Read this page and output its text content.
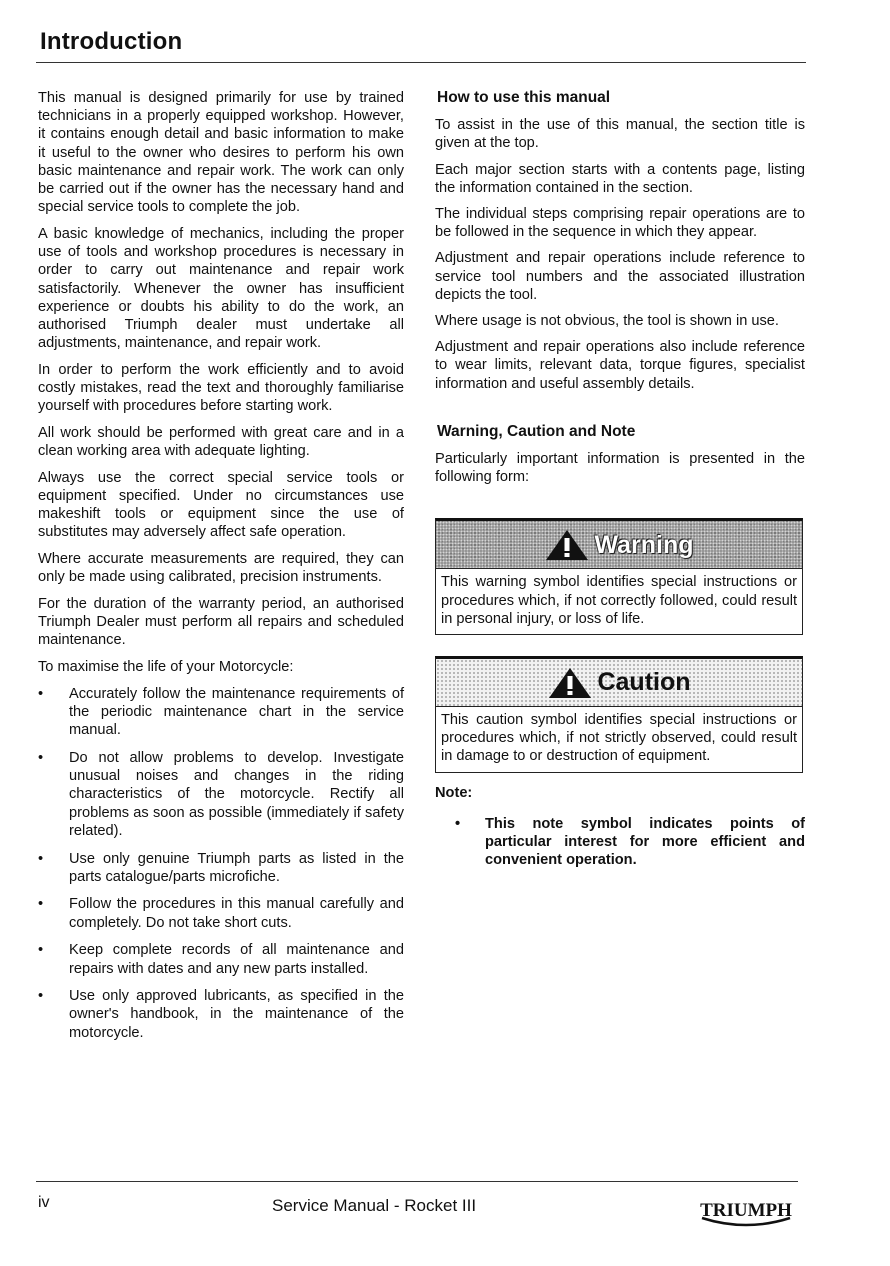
Introduction

This manual is designed primarily for use by trained technicians in a properly equipped workshop. However, it contains enough detail and basic information to make it useful to the owner who desires to perform his own basic maintenance and repair work. The work can only be carried out if the owner has the necessary hand and special service tools to complete the job.

A basic knowledge of mechanics, including the proper use of tools and workshop procedures is necessary in order to carry out maintenance and repair work satisfactorily. Whenever the owner has insufficient experience or doubts his ability to do the work, an authorised Triumph dealer must undertake all adjustments, maintenance, and repair work.

In order to perform the work efficiently and to avoid costly mistakes, read the text and thoroughly familiarise yourself with procedures before starting work.

All work should be performed with great care and in a clean working area with adequate lighting.

Always use the correct special service tools or equipment specified. Under no circumstances use makeshift tools or equipment since the use of substitutes may adversely affect safe operation.

Where accurate measurements are required, they can only be made using calibrated, precision instruments.

For the duration of the warranty period, an authorised Triumph Dealer must perform all repairs and scheduled maintenance.

To maximise the life of your Motorcycle:

• Accurately follow the maintenance requirements of the periodic maintenance chart in the service manual.
• Do not allow problems to develop. Investigate unusual noises and changes in the riding characteristics of the motorcycle. Rectify all problems as soon as possible (immediately if safety related).
• Use only genuine Triumph parts as listed in the parts catalogue/parts microfiche.
• Follow the procedures in this manual carefully and completely. Do not take short cuts.
• Keep complete records of all maintenance and repairs with dates and any new parts installed.
• Use only approved lubricants, as specified in the owner's handbook, in the maintenance of the motorcycle.
How to use this manual

To assist in the use of this manual, the section title is given at the top.

Each major section starts with a contents page, listing the information contained in the section.

The individual steps comprising repair operations are to be followed in the sequence in which they appear.

Adjustment and repair operations include reference to service tool numbers and the associated illustration depicts the tool.

Where usage is not obvious, the tool is shown in use.

Adjustment and repair operations also include reference to wear limits, relevant data, torque figures, specialist information and useful assembly details.

Warning, Caution and Note

Particularly important information is presented in the following form:

Warning
This warning symbol identifies special instructions or procedures which, if not correctly followed, could result in personal injury, or loss of life.
Caution
This caution symbol identifies special instructions or procedures which, if not strictly observed, could result in damage to or destruction of equipment.
Note:
• This note symbol indicates points of particular interest for more efficient and convenient operation.
iv	Service Manual - Rocket III	TRIUMPH
